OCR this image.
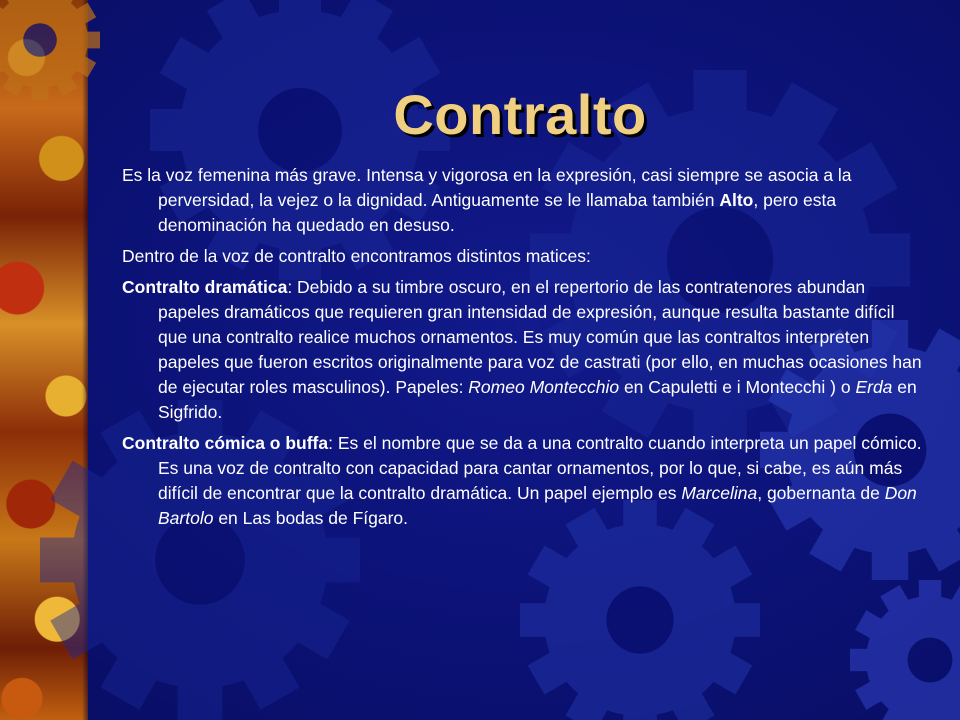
Contralto

Es la voz femenina más grave. Intensa y vigorosa en la expresión, casi siempre se asocia a la perversidad, la vejez o la dignidad. Antiguamente se le llamaba también Alto, pero esta denominación ha quedado en desuso.

Dentro de la voz de contralto encontramos distintos matices:

Contralto dramática: Debido a su timbre oscuro, en el repertorio de las contratenores abundan papeles dramáticos que requieren gran intensidad de expresión, aunque resulta bastante difícil que una contralto realice muchos ornamentos. Es muy común que las contraltos interpreten papeles que fueron escritos originalmente para voz de castrati (por ello, en muchas ocasiones han de ejecutar roles masculinos). Papeles: Romeo Montecchio en Capuletti e i Montecchi ) o Erda en Sigfrido.

Contralto cómica o buffa: Es el nombre que se da a una contralto cuando interpreta un papel cómico. Es una voz de contralto con capacidad para cantar ornamentos, por lo que, si cabe, es aún más difícil de encontrar que la contralto dramática. Un papel ejemplo es Marcelina, gobernanta de Don Bartolo en Las bodas de Fígaro.
